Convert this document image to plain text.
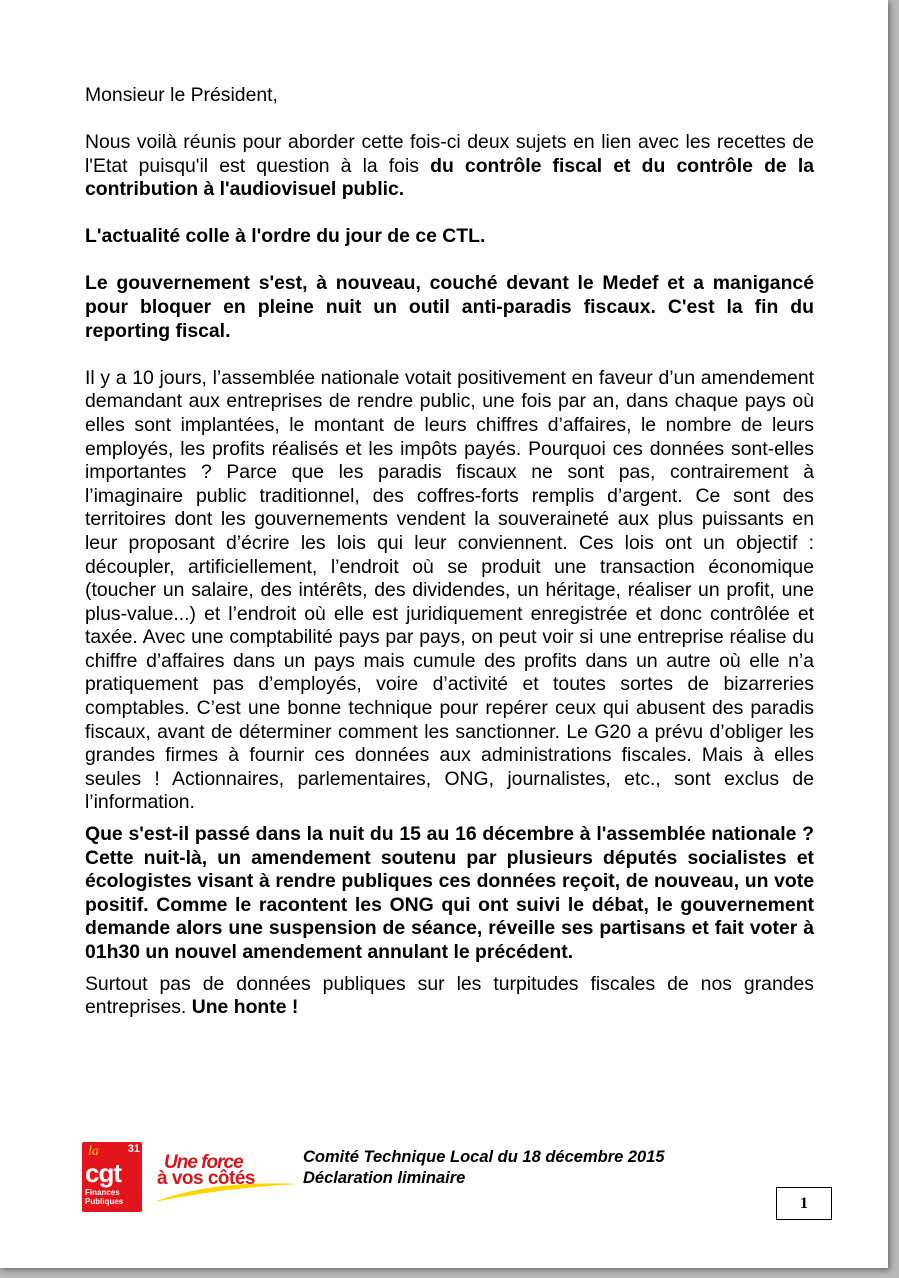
Monsieur le Président,

Nous voilà réunis pour aborder cette fois-ci deux sujets en lien avec les recettes de l'Etat puisqu'il est question à la fois du contrôle fiscal et du contrôle de la contribution à l'audiovisuel public.

L'actualité colle à l'ordre du jour de ce CTL.

Le gouvernement s'est, à nouveau, couché devant le Medef et a manigancé pour bloquer en pleine nuit un outil anti-paradis fiscaux. C'est la fin du reporting fiscal.

Il y a 10 jours, l’assemblée nationale votait positivement en faveur d’un amendement demandant aux entreprises de rendre public, une fois par an, dans chaque pays où elles sont implantées, le montant de leurs chiffres d’affaires, le nombre de leurs employés, les profits réalisés et les impôts payés. Pourquoi ces données sont-elles importantes ? Parce que les paradis fiscaux ne sont pas, contrairement à l’imaginaire public traditionnel, des coffres-forts remplis d’argent. Ce sont des territoires dont les gouvernements vendent la souveraineté aux plus puissants en leur proposant d’écrire les lois qui leur conviennent. Ces lois ont un objectif : découpler, artificiellement, l’endroit où se produit une transaction économique (toucher un salaire, des intérêts, des dividendes, un héritage, réaliser un profit, une plus-value...) et l’endroit où elle est juridiquement enregistrée et donc contrôlée et taxée. Avec une comptabilité pays par pays, on peut voir si une entreprise réalise du chiffre d’affaires dans un pays mais cumule des profits dans un autre où elle n’a pratiquement pas d’employés, voire d’activité et toutes sortes de bizarreries comptables. C’est une bonne technique pour repérer ceux qui abusent des paradis fiscaux, avant de déterminer comment les sanctionner. Le G20 a prévu d’obliger les grandes firmes à fournir ces données aux administrations fiscales. Mais à elles seules ! Actionnaires, parlementaires, ONG, journalistes, etc., sont exclus de l’information.

Que s'est-il passé dans la nuit du 15 au 16 décembre à l'assemblée nationale ? Cette nuit-là, un amendement soutenu par plusieurs députés socialistes et écologistes visant à rendre publiques ces données reçoit, de nouveau, un vote positif. Comme le racontent les ONG qui ont suivi le débat, le gouvernement demande alors une suspension de séance, réveille ses partisans et fait voter à 01h30 un nouvel amendement annulant le précédent.

Surtout pas de données publiques sur les turpitudes fiscales de nos grandes entreprises. Une honte !

la	31
cgt
Finances
Publiques
Une force
à vos côtés
Comité Technique Local du 18 décembre 2015
Déclaration liminaire
1
